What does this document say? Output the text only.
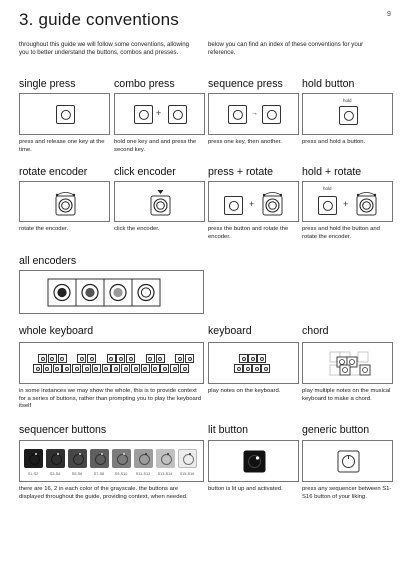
3. guide conventions	9
throughout this guide we will follow some conventions, allowing you to better understand the buttons, combos and presses.
below you can find an index of these conventions for your reference.
single press	combo press	sequence press hold button
+	→
hold
press and release one key at the time.
hold one key and and press the second key.
press one key, then another.	press and hold a button.
rotate encoder	click encoder	press + rotate	hold + rotate
+
hold
+
rotate the encoder.	click the encoder.	press the button and rotate the encoder.
press and hold the button and rotate the encoder.
all encoders
whole keyboard	keyboard	chord
in some instances we may show the whole, this is to provide context for a series of buttons, rather than prompting you to play the keyboard itself
play notes on the keyboard.	play multiple notes on the musical keyboard to make a chord.
sequencer buttons	lit button	generic button
S1-S2	S3-S4	S5-S6	S7-S8	S9-S10	S11-S12	S13-S14	S15-S16
there are 16, 2 in each color of the grayscale. the buttons are displayed throughout the guide, providing context, when needed.
button is lit up and activated.	press any sequencer between S1-S16 button of your liking.
